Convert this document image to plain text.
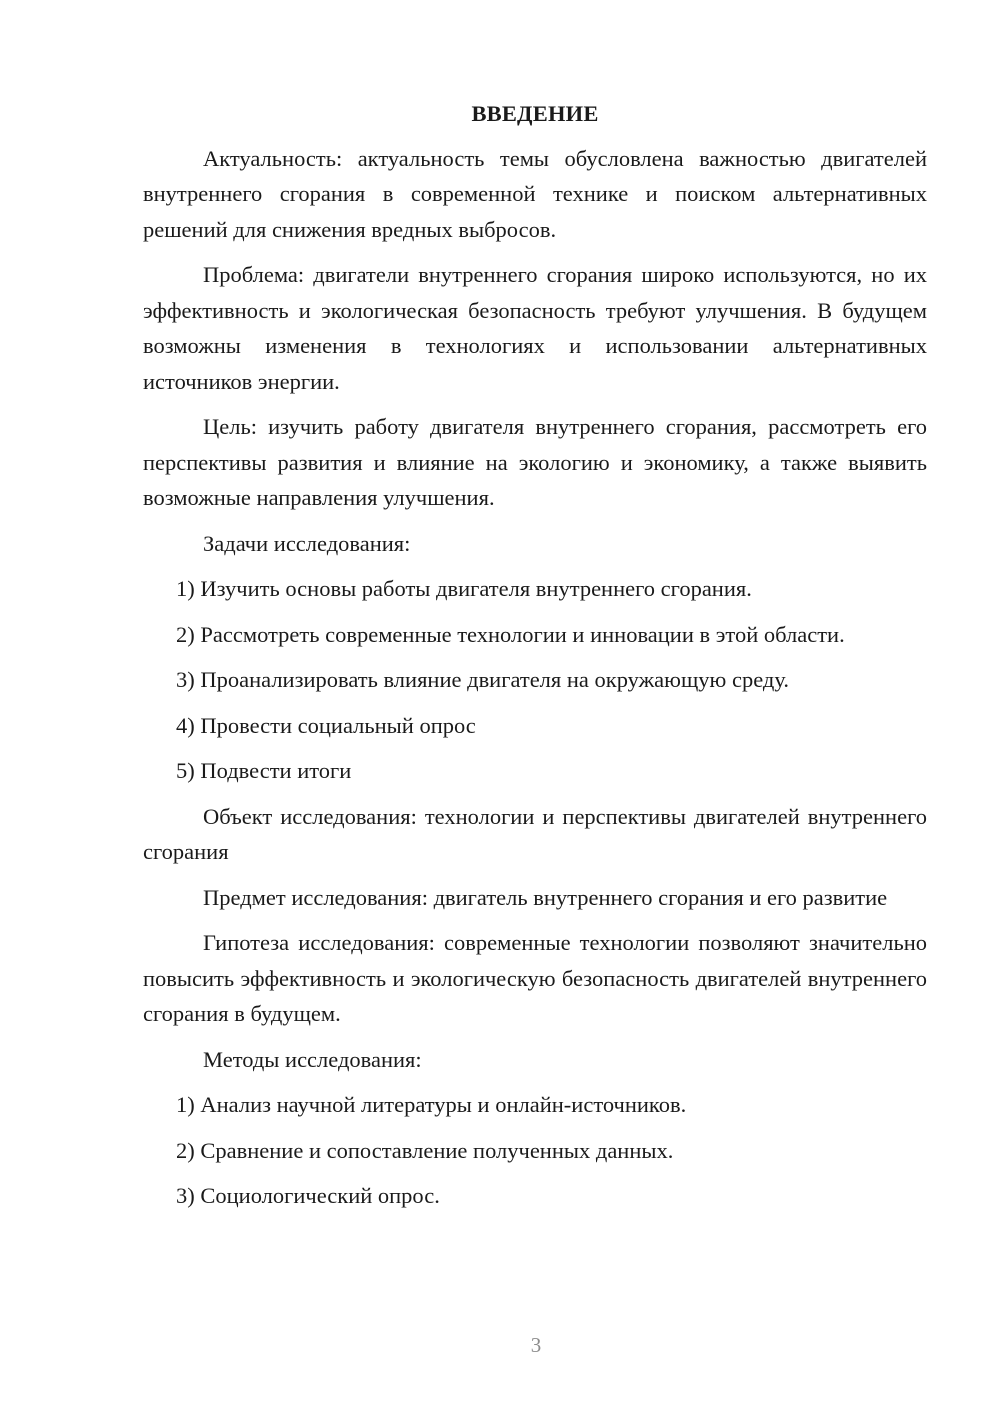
ВВЕДЕНИЕ

Актуальность: актуальность темы обусловлена важностью двигателей внутреннего сгорания в современной технике и поиском альтернативных решений для снижения вредных выбросов.

Проблема: двигатели внутреннего сгорания широко используются, но их эффективность и экологическая безопасность требуют улучшения. В будущем возможны изменения в технологиях и использовании альтернативных источников энергии.

Цель: изучить работу двигателя внутреннего сгорания, рассмотреть его перспективы развития и влияние на экологию и экономику, а также выявить возможные направления улучшения.

Задачи исследования:

1) Изучить основы работы двигателя внутреннего сгорания.
2) Рассмотреть современные технологии и инновации в этой области.
3) Проанализировать влияние двигателя на окружающую среду.
4) Провести социальный опрос
5) Подвести итоги

Объект исследования: технологии и перспективы двигателей внутреннего сгорания

Предмет исследования: двигатель внутреннего сгорания и его развитие

Гипотеза исследования: современные технологии позволяют значительно повысить эффективность и экологическую безопасность двигателей внутреннего сгорания в будущем.

Методы исследования:

1) Анализ научной литературы и онлайн-источников.
2) Сравнение и сопоставление полученных данных.
3) Социологический опрос.
3
